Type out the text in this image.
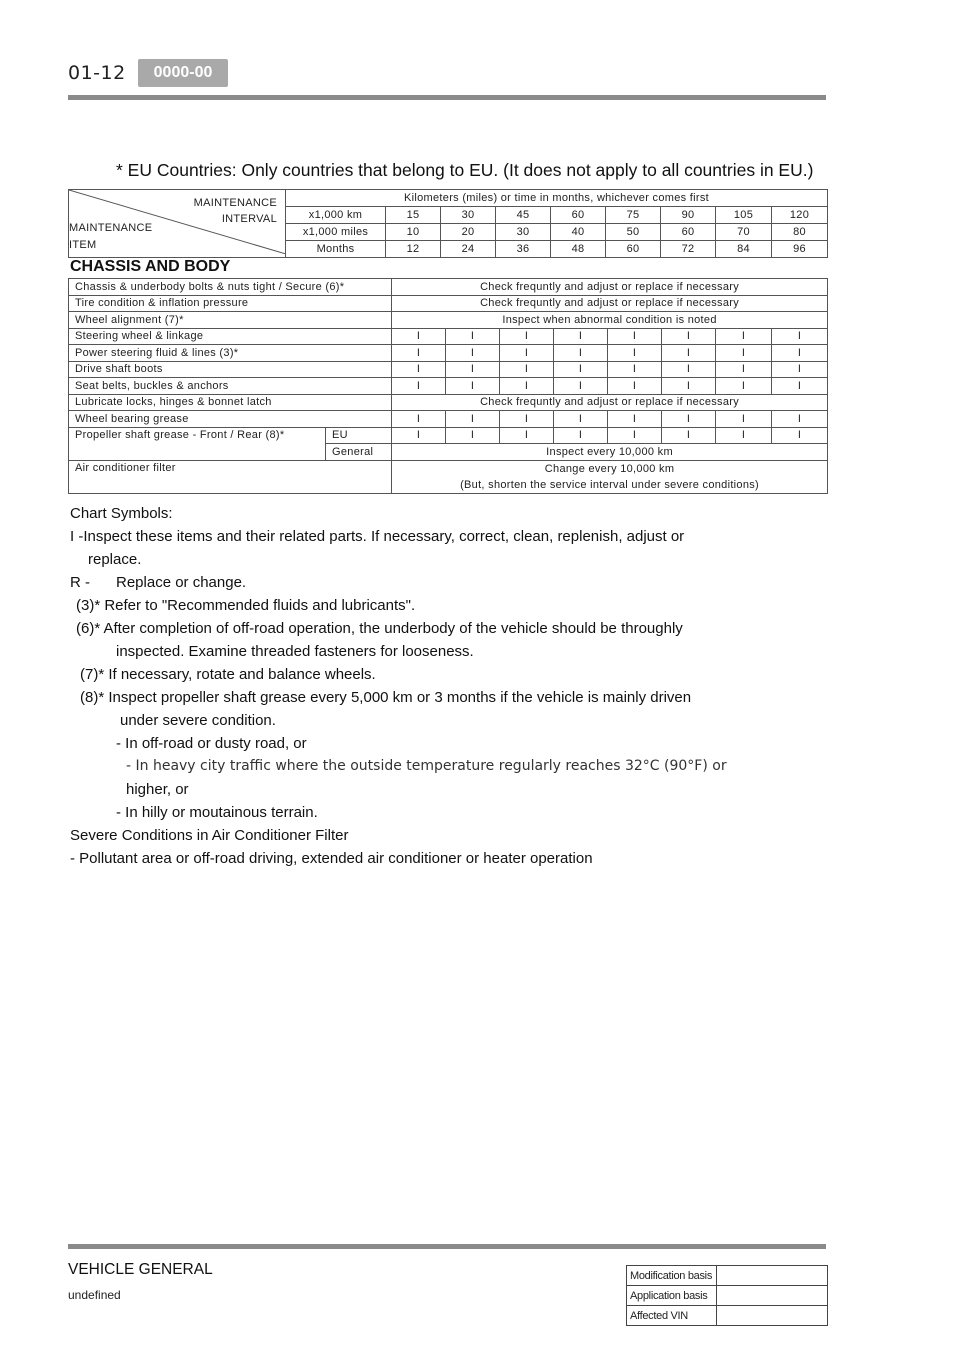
01-12	0000-00
* EU Countries: Only countries that belong to EU. (It does not apply to all countries in EU.)
MAINTENANCE
INTERVAL
MAINTENANCE
ITEM	Kilometers (miles) or time in months, whichever comes first								
	x1,000 km	15	30	45	60	75	90	105	120
	x1,000 miles	10	20	30	40	50	60	70	80
	Months	12	24	36	48	60	72	84	96
CHASSIS AND BODY
Chassis & underbody bolts & nuts tight / Secure (6)*		Check frequntly and adjust or replace if necessary							
Tire condition & inflation pressure		Check frequntly and adjust or replace if necessary							
Wheel alignment (7)*		Inspect when abnormal condition is noted							
Steering wheel & linkage		I	I	I	I	I	I	I	I
Power steering fluid & lines (3)*		I	I	I	I	I	I	I	I
Drive shaft boots		I	I	I	I	I	I	I	I
Seat belts, buckles & anchors		I	I	I	I	I	I	I	I
Lubricate locks, hinges & bonnet latch		Check frequntly and adjust or replace if necessary							
Wheel bearing grease		I	I	I	I	I	I	I	I
Propeller shaft grease - Front / Rear (8)*	EU	I	I	I	I	I	I	I	I
	General	Inspect every 10,000 km							
Air conditioner filter		Change every 10,000 km
(But, shorten the service interval under severe conditions)							
Chart Symbols:
I -Inspect these items and their related parts. If necessary, correct, clean, replenish, adjust or
replace.
R - Replace or change.
(3)* Refer to "Recommended fluids and lubricants".
(6)* After completion of off-road operation, the underbody of the vehicle should be throughly
inspected. Examine threaded fasteners for looseness.
(7)* If necessary, rotate and balance wheels.
(8)* Inspect propeller shaft grease every 5,000 km or 3 months if the vehicle is mainly driven
under severe condition.
- In off-road or dusty road, or
- In heavy city traffic where the outside temperature regularly reaches 32°C (90°F) or
higher, or
- In hilly or moutainous terrain.
Severe Conditions in Air Conditioner Filter
- Pollutant area or off-road driving, extended air conditioner or heater operation
VEHICLE GENERAL
undefined
Modification basis	
Application basis	
Affected VIN	
